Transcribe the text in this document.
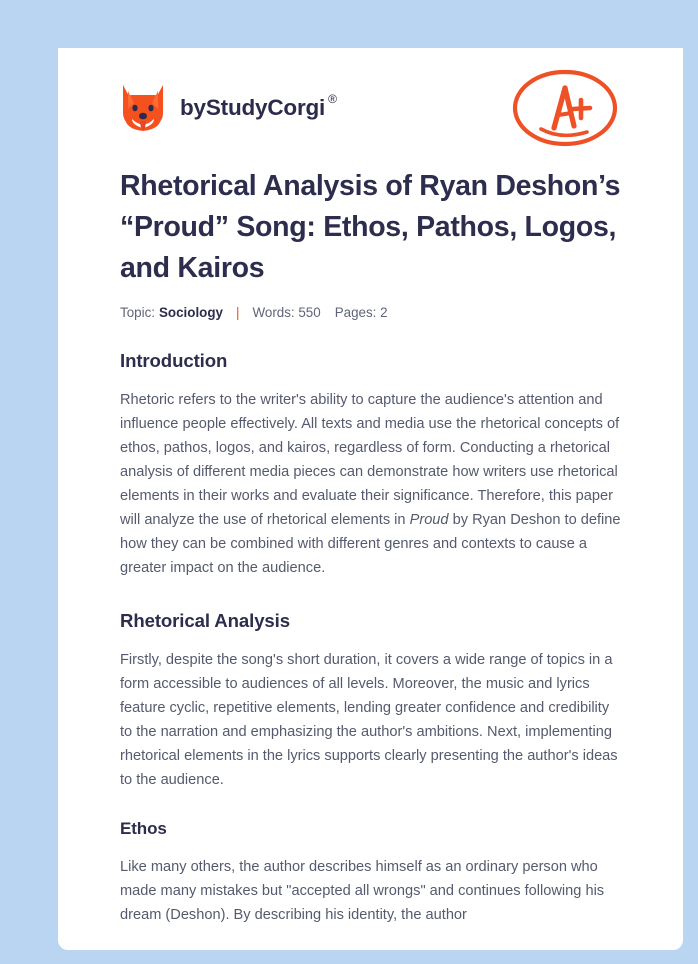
by StudyCorgi ®
Rhetorical Analysis of Ryan Deshon’s “Proud” Song: Ethos, Pathos, Logos, and Kairos
Topic: Sociology | Words: 550 Pages: 2
Introduction

Rhetoric refers to the writer's ability to capture the audience's attention and influence people effectively. All texts and media use the rhetorical concepts of ethos, pathos, logos, and kairos, regardless of form. Conducting a rhetorical analysis of different media pieces can demonstrate how writers use rhetorical elements in their works and evaluate their significance. Therefore, this paper will analyze the use of rhetorical elements in Proud by Ryan Deshon to define how they can be combined with different genres and contexts to cause a greater impact on the audience.

Rhetorical Analysis

Firstly, despite the song's short duration, it covers a wide range of topics in a form accessible to audiences of all levels. Moreover, the music and lyrics feature cyclic, repetitive elements, lending greater confidence and credibility to the narration and emphasizing the author's ambitions. Next, implementing rhetorical elements in the lyrics supports clearly presenting the author's ideas to the audience.

Ethos

Like many others, the author describes himself as an ordinary person who made many mistakes but "accepted all wrongs" and continues following his dream (Deshon). By describing his identity, the author
